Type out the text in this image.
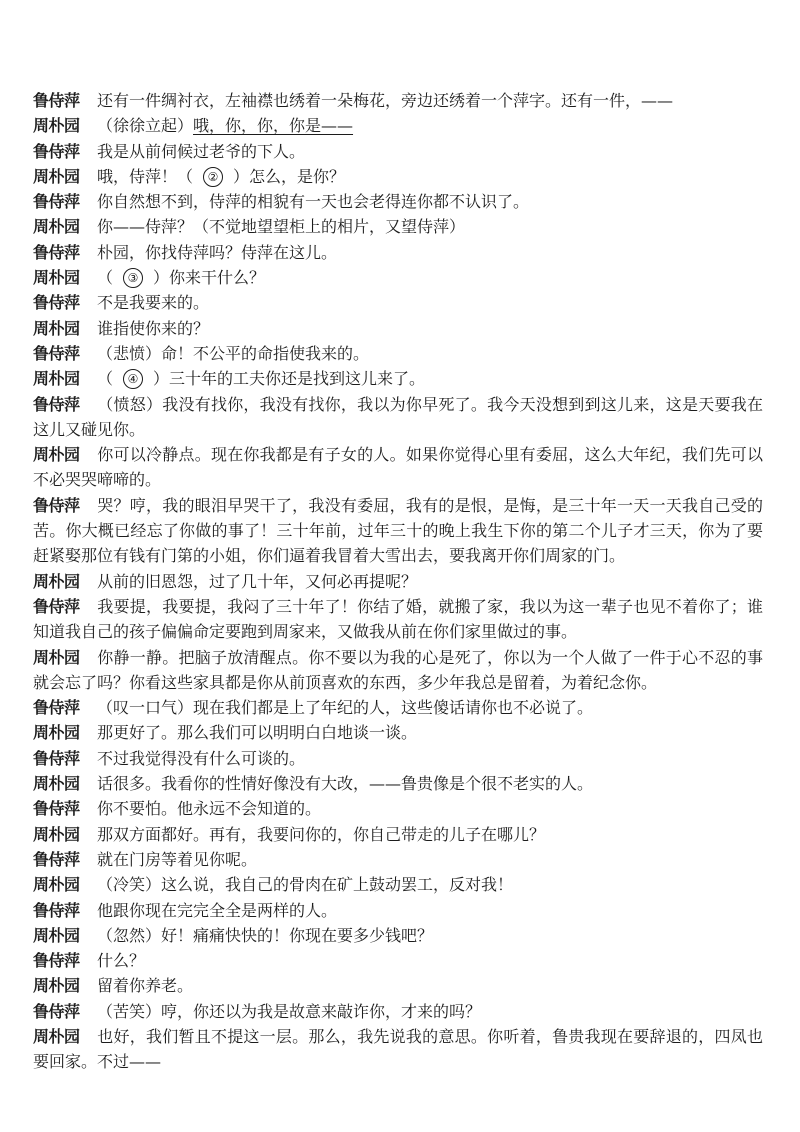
鲁侍萍 还有一件绸衬衣，左袖襟也绣着一朵梅花，旁边还绣着一个萍字。还有一件，——
周朴园 （徐徐立起）哦，你，你，你是——
鲁侍萍 我是从前伺候过老爷的下人。
周朴园 哦，侍萍！（ ② ）怎么，是你？
鲁侍萍 你自然想不到，侍萍的相貌有一天也会老得连你都不认识了。
周朴园 你——侍萍？（不觉地望望柜上的相片，又望侍萍）
鲁侍萍 朴园，你找侍萍吗？侍萍在这儿。
周朴园 （ ③ ）你来干什么？
鲁侍萍 不是我要来的。
周朴园 谁指使你来的？
鲁侍萍 （悲愤）命！不公平的命指使我来的。
周朴园 （ ④ ）三十年的工夫你还是找到这儿来了。
鲁侍萍 （愤怒）我没有找你，我没有找你，我以为你早死了。我今天没想到到这儿来，这是天要我在这儿又碰见你。
周朴园 你可以冷静点。现在你我都是有子女的人。如果你觉得心里有委屈，这么大年纪，我们先可以不必哭哭啼啼的。
鲁侍萍 哭？哼，我的眼泪早哭干了，我没有委屈，我有的是恨，是悔，是三十年一天一天我自己受的苦。你大概已经忘了你做的事了！三十年前，过年三十的晚上我生下你的第二个儿子才三天，你为了要赶紧娶那位有钱有门第的小姐，你们逼着我冒着大雪出去，要我离开你们周家的门。
周朴园 从前的旧恩怨，过了几十年，又何必再提呢？
鲁侍萍 我要提，我要提，我闷了三十年了！你结了婚，就搬了家，我以为这一辈子也见不着你了；谁知道我自己的孩子偏偏命定要跑到周家来，又做我从前在你们家里做过的事。
周朴园 你静一静。把脑子放清醒点。你不要以为我的心是死了，你以为一个人做了一件于心不忍的事就会忘了吗？你看这些家具都是你从前顶喜欢的东西，多少年我总是留着，为着纪念你。
鲁侍萍 （叹一口气）现在我们都是上了年纪的人，这些傻话请你也不必说了。
周朴园 那更好了。那么我们可以明明白白地谈一谈。
鲁侍萍 不过我觉得没有什么可谈的。
周朴园 话很多。我看你的性情好像没有大改，——鲁贵像是个很不老实的人。
鲁侍萍 你不要怕。他永远不会知道的。
周朴园 那双方面都好。再有，我要问你的，你自己带走的儿子在哪儿？
鲁侍萍 就在门房等着见你呢。
周朴园 （冷笑）这么说，我自己的骨肉在矿上鼓动罢工，反对我！
鲁侍萍 他跟你现在完完全全是两样的人。
周朴园 （忽然）好！痛痛快快的！你现在要多少钱吧？
鲁侍萍 什么？
周朴园 留着你养老。
鲁侍萍 （苦笑）哼，你还以为我是故意来敲诈你，才来的吗？
周朴园 也好，我们暂且不提这一层。那么，我先说我的意思。你听着，鲁贵我现在要辞退的，四凤也要回家。不过——
